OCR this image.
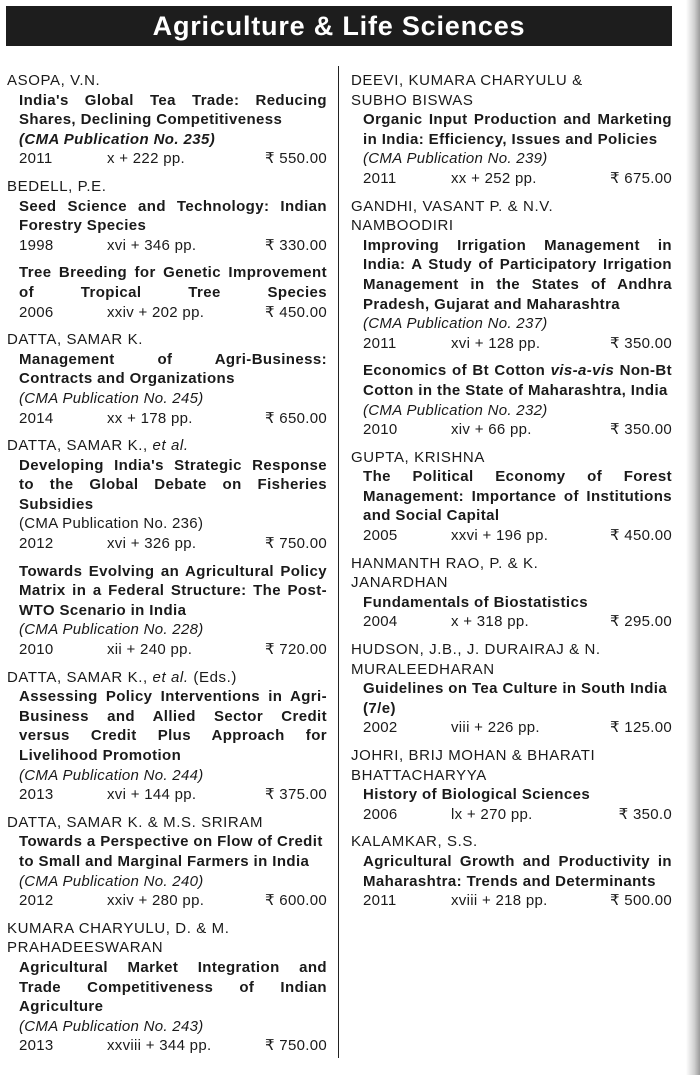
Agriculture & Life Sciences
ASOPA, V.N.
India's Global Tea Trade: Reducing Shares, Declining Competitiveness
(CMA Publication No. 235)
2011	x + 222 pp.	₹ 550.00
BEDELL, P.E.
Seed Science and Technology: Indian Forestry Species
1998	xvi + 346 pp.	₹ 330.00
Tree Breeding for Genetic Improvement of Tropical Tree Species
2006	xxiv + 202 pp.	₹ 450.00
DATTA, SAMAR K.
Management of Agri-Business: Contracts and Organizations
(CMA Publication No. 245)
2014	xx + 178 pp.	₹ 650.00
DATTA, SAMAR K., et al.
Developing India's Strategic Response to the Global Debate on Fisheries Subsidies
(CMA Publication No. 236)
2012	xvi + 326 pp.	₹ 750.00
Towards Evolving an Agricultural Policy Matrix in a Federal Structure: The Post-WTO Scenario in India
(CMA Publication No. 228)
2010	xii + 240 pp.	₹ 720.00
DATTA, SAMAR K., et al. (Eds.)
Assessing Policy Interventions in Agri-Business and Allied Sector Credit versus Credit Plus Approach for Livelihood Promotion
(CMA Publication No. 244)
2013	xvi + 144 pp.	₹ 375.00
DATTA, SAMAR K. & M.S. SRIRAM
Towards a Perspective on Flow of Credit to Small and Marginal Farmers in India (CMA Publication No. 240)
2012	xxiv + 280 pp.	₹ 600.00
KUMARA CHARYULU, D. & M. PRAHADEESWARAN
Agricultural Market Integration and Trade Competitiveness of Indian Agriculture
(CMA Publication No. 243)
2013	xxviii + 344 pp.	₹ 750.00
DEEVI, KUMARA CHARYULU & SUBHO BISWAS
Organic Input Production and Marketing in India: Efficiency, Issues and Policies
(CMA Publication No. 239)
2011	xx + 252 pp.	₹ 675.00
GANDHI, VASANT P. & N.V. NAMBOODIRI
Improving Irrigation Management in India: A Study of Participatory Irrigation Management in the States of Andhra Pradesh, Gujarat and Maharashtra
(CMA Publication No. 237)
2011	xvi + 128 pp.	₹ 350.00
Economics of Bt Cotton vis-a-vis Non-Bt Cotton in the State of Maharashtra, India
(CMA Publication No. 232)
2010	xiv + 66 pp.	₹ 350.00
GUPTA, KRISHNA
The Political Economy of Forest Management: Importance of Institutions and Social Capital
2005	xxvi + 196 pp.	₹ 450.00
HANMANTH RAO, P. & K. JANARDHAN
Fundamentals of Biostatistics
2004	x + 318 pp.	₹ 295.00
HUDSON, J.B., J. DURAIRAJ & N. MURALEEDHARAN
Guidelines on Tea Culture in South India (7/e)
2002	viii + 226 pp.	₹ 125.00
JOHRI, BRIJ MOHAN & BHARATI BHATTACHARYYA
History of Biological Sciences
2006	lx + 270 pp.	₹ 350.0
KALAMKAR, S.S.
Agricultural Growth and Productivity in Maharashtra: Trends and Determinants
2011	xviii + 218 pp.	₹ 500.00
